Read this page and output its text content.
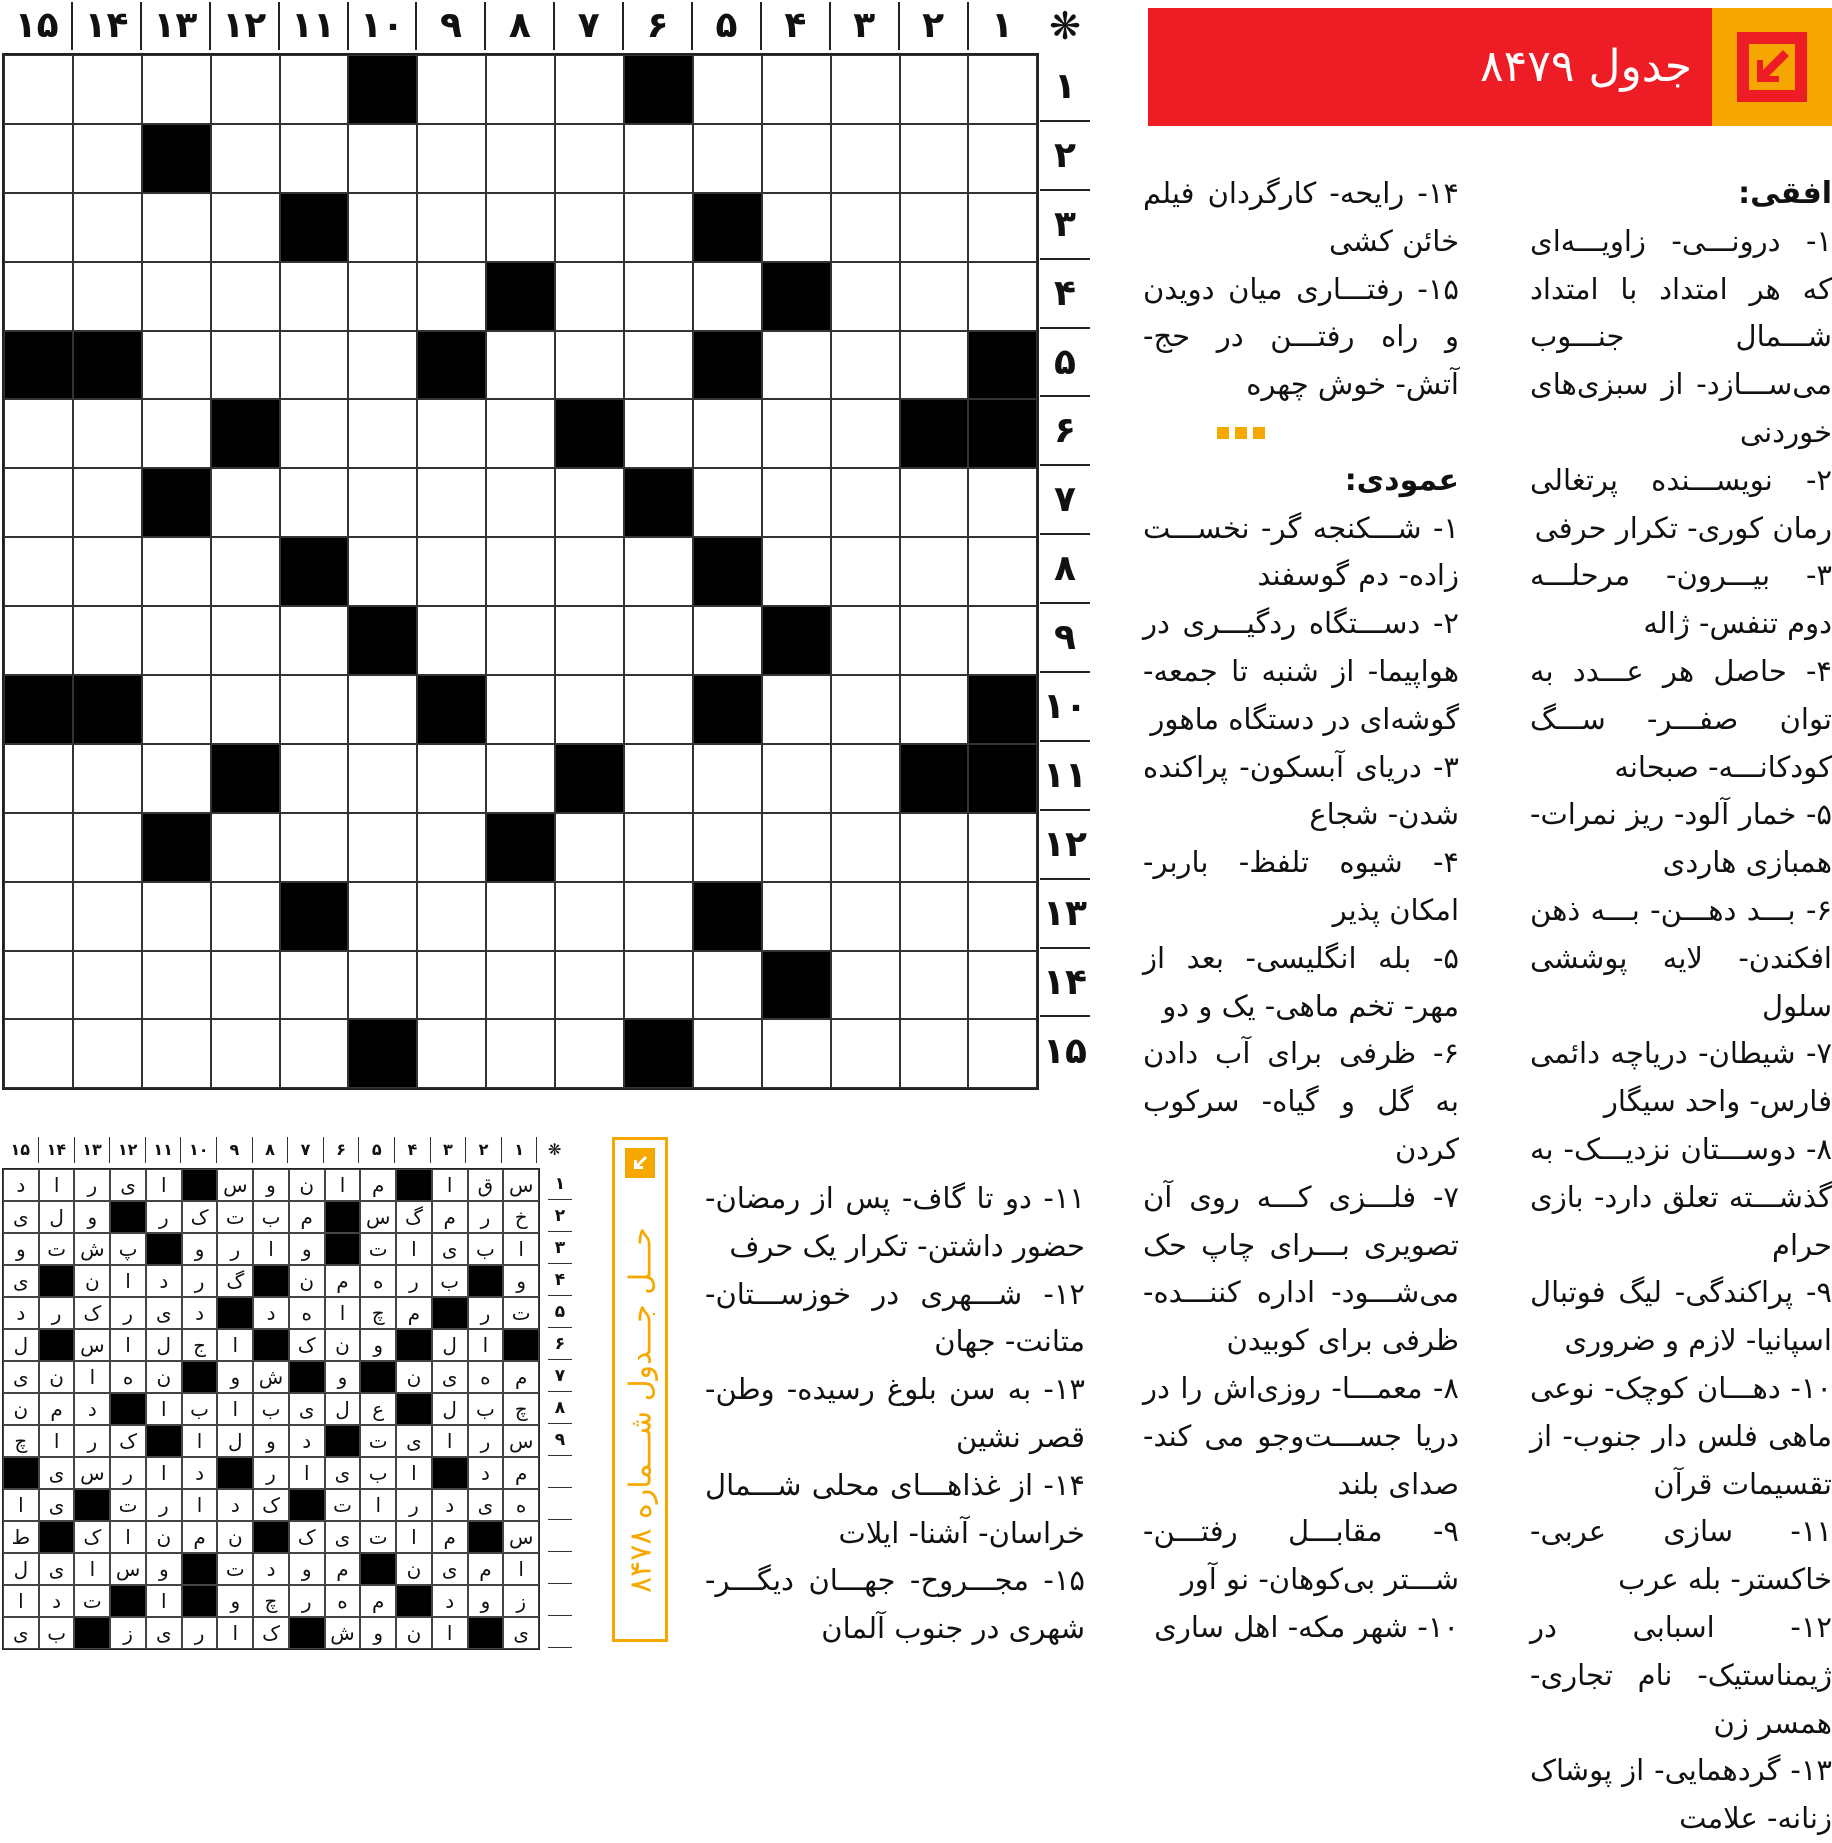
جدول ۸۴۷۹
افقی:

۱- درونـــی- زاویـــه‌ای که هر امتداد با امتداد شـــمال جنـــوب می‌ســـازد- از سبزی‌های خوردنی

۲- نویســـنده پرتغالی رمان کوری- تکرار حرفی

۳- بیـــرون- مرحلـــه دوم تنفس- ژاله

۴- حاصل هر عـــدد به توان صفـــر- ســـگ کودکانـــه- صبحانه

۵- خمار آلود- ریز نمرات- همبازی هاردی

۶- بـــد دهـــن- بـــه ذهن افکندن- لایه پوششی سلول

۷- شیطان- دریاچه دائمی فارس- واحد سیگار

۸- دوســـتان نزدیـــک- به گذشـــته تعلق دارد- بازی حرام

۹- پراکندگی- لیگ فوتبال اسپانیا- لازم و ضروری

۱۰- دهـــان کوچک- نوعی ماهی فلس دار جنوب- از تقسیمات قرآن

۱۱- سازی عربی- خاکستر- بله عرب

۱۲- اسبابی در ژیمناستیک- نام تجاری- همسر زن

۱۳- گردهمایی- از پوشاک زنانه- علامت

۱۴- رایحه- کارگردان فیلم خائن کشی

۱۵- رفتـــاری میان دویدن و راه رفتـــن در حج- آتش- خوش چهره

عمودی:

۱- شـــکنجه گر- نخســـت زاده- دم گوسفند

۲- دســـتگاه ردگیـــری در هواپیما- از شنبه تا جمعه- گوشه‌ای در دستگاه ماهور

۳- دریای آبسکون- پراکنده شدن- شجاع

۴- شیوه تلفظ- باربر- امکان پذیر

۵- بله انگلیسی- بعد از مهر- تخم ماهی- یک و دو

۶- ظرفی برای آب دادن به گل و گیاه- سرکوب کردن

۷- فلـــزی کـــه روی آن تصویری بـــرای چاپ حک می‌شـــود- اداره کننـــده- ظرفی برای کوبیدن

۸- معمـــا- روزی‌اش را در دریا جســـت‌وجو می کند- صدای بلند

۹- مقابـــل رفتـــن- شـــتر بی‌کوهان- نو آور

۱۰- شهر مکه- اهل ساری

۱۱- دو تا گاف- پس از رمضان- حضور داشتن- تکرار یک حرف

۱۲- شـــهری در خوزســـتان- متانت- جهان

۱۳- به سن بلوغ رسیده- وطن- قصر نشین

۱۴- از غذاهـــای محلی شـــمال خراسان- آشنا- ایلات

۱۵- مجـــروح- جهـــان دیگـــر- شهری در جنوب آلمان

۱
۲
۳
۴
۵
۶
۷
۸
۹
۱۰
۱۱
۱۲
۱۳
۱۴
۱۵	❋
۱
۲
۳
۴
۵
۶
۷
۸
۹
۱۰
۱۱
۱۲
۱۳
۱۴
۱۵
❋
۱
۲
۳
۴
۵
۶
۷
۸
۹
۱۰
۱۱
۱۲
۱۳
۱۴
۱۵
س
ق
ا
م
ا
ن
و
س
ا
ی
ر
ا
د
خ
ر
م
گ
س
م
ب
ت
ک
ر
و
ل
ی
ا
ب
ی
ا
ت
و
ا
ر
و
پ
ش
ت
و
و
ب
ر
ه
م
ن
گ
ر
د
ا
ن
ی
ت
ر
م
چ
ا
ه
د
د
ی
ر
ک
ر
د
ا
ل
و
ن
ک
ا
ج
ل
ا
س
ل
م
ه
ی
ن
و
ش
و
ن
ه
ا
ن
ی
چ
ب
ل
ع
ل
ی
ب
ا
ب
ا
د
م
ن
س
ر
ا
ی
ت
د
و
ل
ا
ک
ر
ا
چ
م
د
ا
ب
ی
ا
ر
د
ا
ر
س
ی
ه
ی
د
ر
ا
ت
ک
د
ا
ر
ت
ی
ا
س
م
ا
ت
ی
ک
ن
م
ن
ا
ک
ط
ا
م
ی
ن
م
و
د
ت
و
س
ا
ی
ل
ز
و
د
م
ه
ر
چ
و
ا
ت
د
ا
ی
ا
ن
و
ش
ک
ا
ر
ی
ز
ب
ی
۱
۲
۳
۴
۵
۶
۷
۸
۹
حـــل جـــدول شـــماره ۸۴۷۸
